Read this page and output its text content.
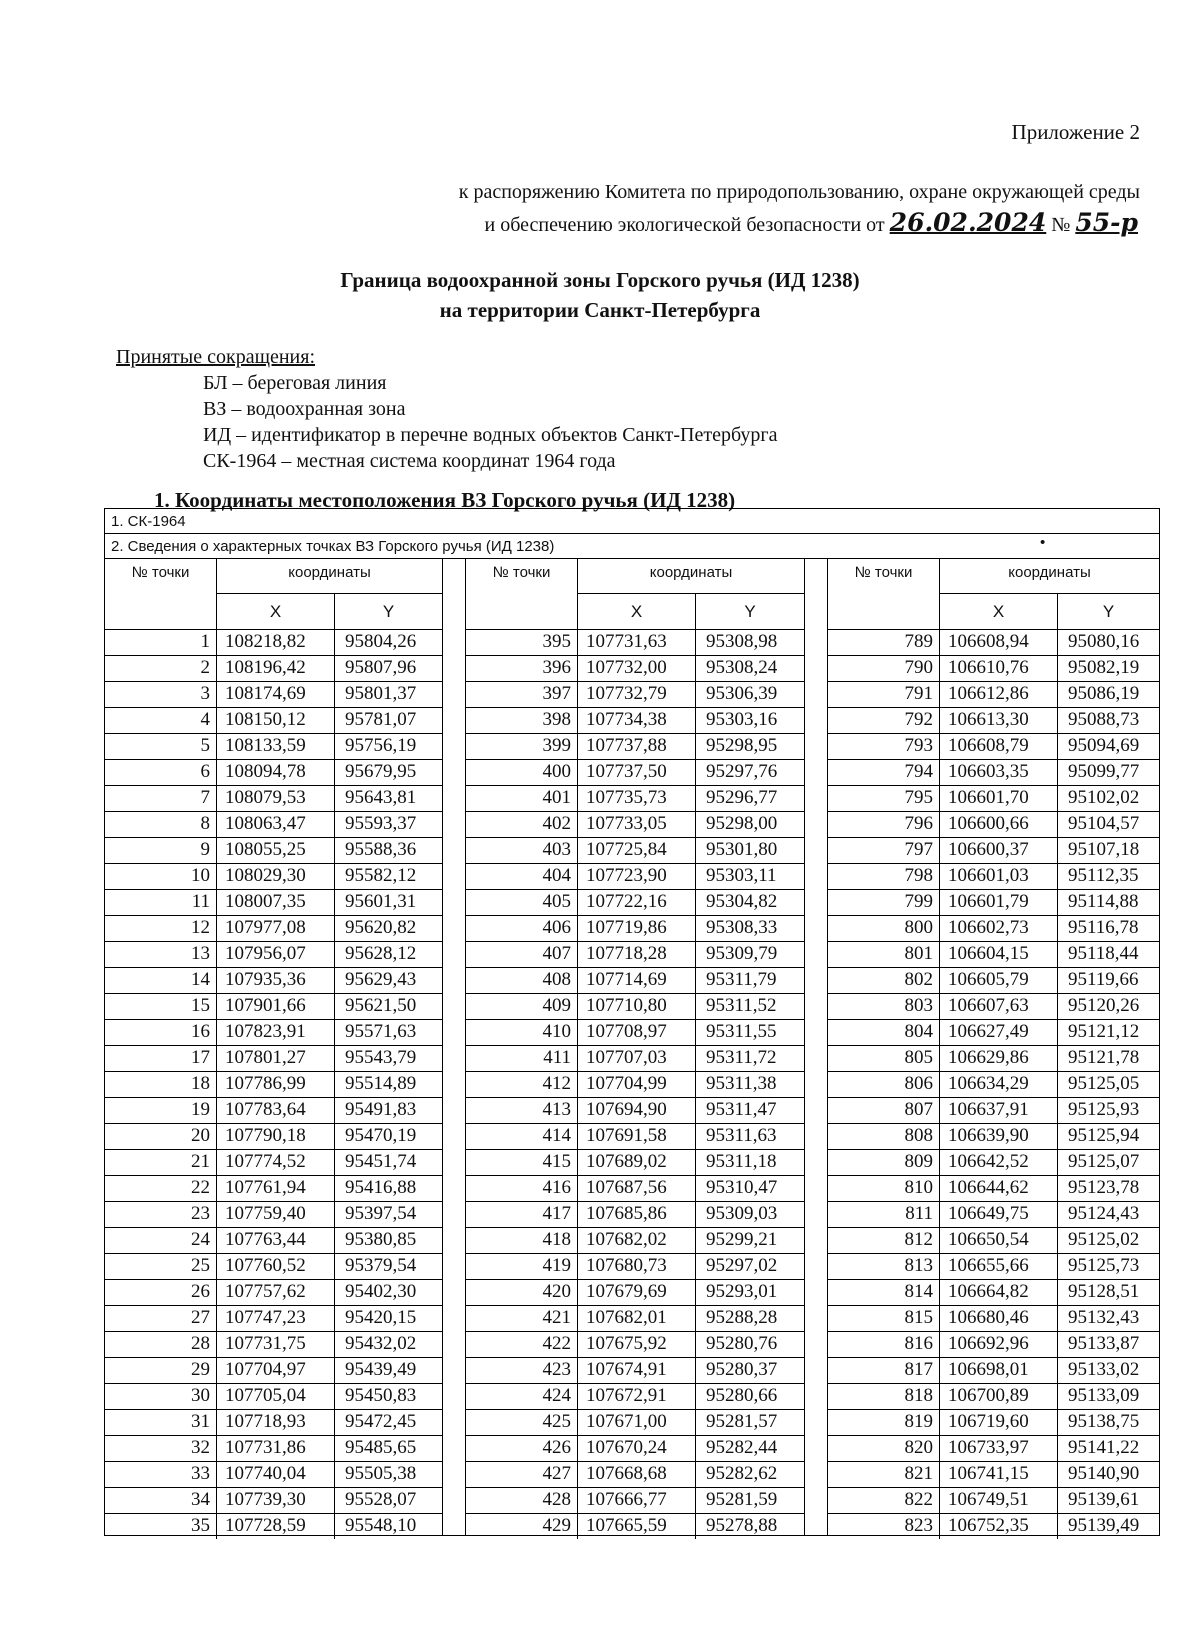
Приложение 2
к распоряжению Комитета по природопользованию, охране окружающей среды
и обеспечению экологической безопасности от 26.02.2024 № 55-р
Граница водоохранной зоны Горского ручья (ИД 1238)
на территории Санкт-Петербурга
Принятые сокращения:
БЛ – береговая линия
ВЗ – водоохранная зона
ИД – идентификатор в перечне водных объектов Санкт-Петербурга
СК-1964 – местная система координат 1964 года
1. Координаты местоположения ВЗ Горского ручья (ИД 1238)
1. СК-1964
2. Сведения о характерных точках ВЗ Горского ручья (ИД 1238)	•
№ точки	координаты
X	Y
1 108218,82	95804,26
2 108196,42	95807,96
3 108174,69	95801,37
4 108150,12	95781,07
5 108133,59	95756,19
6 108094,78	95679,95
7 108079,53	95643,81
8 108063,47	95593,37
9 108055,25	95588,36
10 108029,30	95582,12
11 108007,35	95601,31
12 107977,08	95620,82
13 107956,07	95628,12
14 107935,36	95629,43
15 107901,66	95621,50
16 107823,91	95571,63
17 107801,27	95543,79
18 107786,99	95514,89
19 107783,64	95491,83
20 107790,18	95470,19
21 107774,52	95451,74
22 107761,94	95416,88
23 107759,40	95397,54
24 107763,44	95380,85
25 107760,52	95379,54
26 107757,62	95402,30
27 107747,23	95420,15
28 107731,75	95432,02
29 107704,97	95439,49
30 107705,04	95450,83
31 107718,93	95472,45
32 107731,86	95485,65
33 107740,04	95505,38
34 107739,30	95528,07
35 107728,59	95548,10
№ точки	координаты
X	Y
395 107731,63	95308,98
396 107732,00	95308,24
397 107732,79	95306,39
398 107734,38	95303,16
399 107737,88	95298,95
400 107737,50	95297,76
401 107735,73	95296,77
402 107733,05	95298,00
403 107725,84	95301,80
404 107723,90	95303,11
405 107722,16	95304,82
406 107719,86	95308,33
407 107718,28	95309,79
408 107714,69	95311,79
409 107710,80	95311,52
410 107708,97	95311,55
411 107707,03	95311,72
412 107704,99	95311,38
413 107694,90	95311,47
414 107691,58	95311,63
415 107689,02	95311,18
416 107687,56	95310,47
417 107685,86	95309,03
418 107682,02	95299,21
419 107680,73	95297,02
420 107679,69	95293,01
421 107682,01	95288,28
422 107675,92	95280,76
423 107674,91	95280,37
424 107672,91	95280,66
425 107671,00	95281,57
426 107670,24	95282,44
427 107668,68	95282,62
428 107666,77	95281,59
429 107665,59	95278,88
№ точки	координаты
X	Y
789 106608,94	95080,16
790 106610,76	95082,19
791 106612,86	95086,19
792 106613,30	95088,73
793 106608,79	95094,69
794 106603,35	95099,77
795 106601,70	95102,02
796 106600,66	95104,57
797 106600,37	95107,18
798 106601,03	95112,35
799 106601,79	95114,88
800 106602,73	95116,78
801 106604,15	95118,44
802 106605,79	95119,66
803 106607,63	95120,26
804 106627,49	95121,12
805 106629,86	95121,78
806 106634,29	95125,05
807 106637,91	95125,93
808 106639,90	95125,94
809 106642,52	95125,07
810 106644,62	95123,78
811 106649,75	95124,43
812 106650,54	95125,02
813 106655,66	95125,73
814 106664,82	95128,51
815 106680,46	95132,43
816 106692,96	95133,87
817 106698,01	95133,02
818 106700,89	95133,09
819 106719,60	95138,75
820 106733,97	95141,22
821 106741,15	95140,90
822 106749,51	95139,61
823 106752,35	95139,49
